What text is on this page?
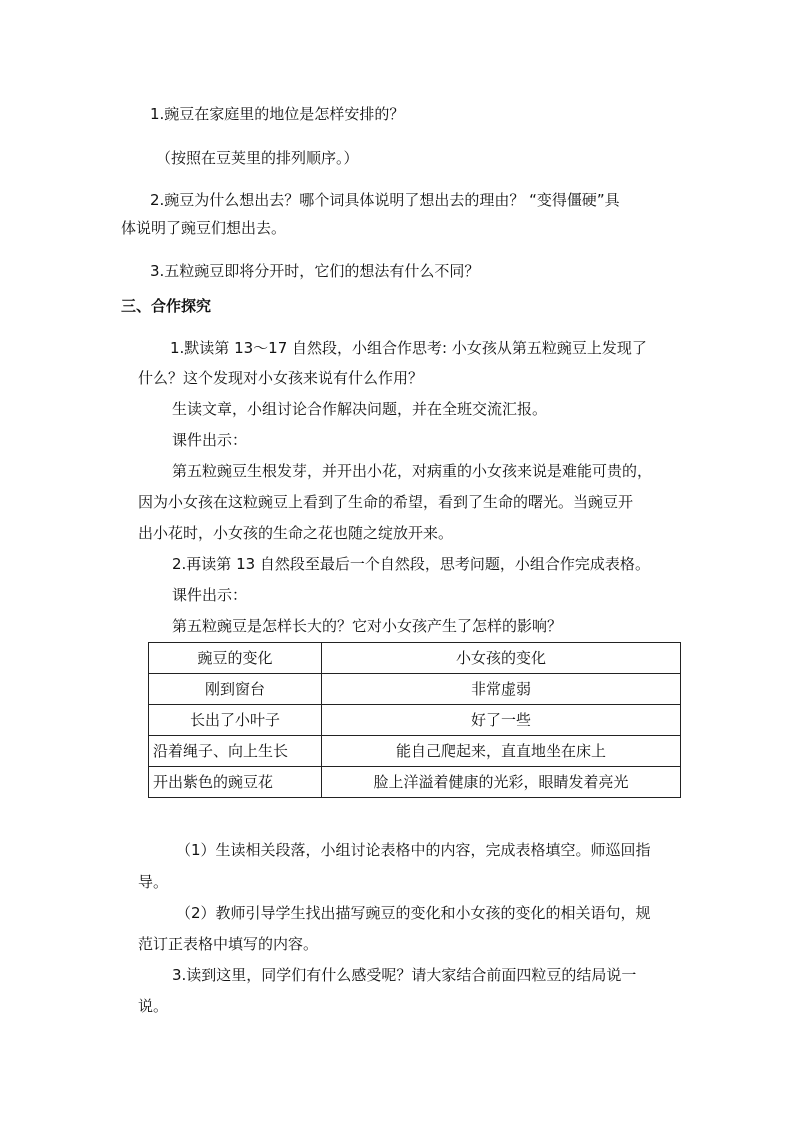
1.豌豆在家庭里的地位是怎样安排的？
（按照在豆荚里的排列顺序。）
2.豌豆为什么想出去？哪个词具体说明了想出去的理由？ “变得僵硬”具
体说明了豌豆们想出去。
3.五粒豌豆即将分开时，它们的想法有什么不同？
三、合作探究
1.默读第 13～17 自然段，小组合作思考: 小女孩从第五粒豌豆上发现了
什么？这个发现对小女孩来说有什么作用？
生读文章，小组讨论合作解决问题，并在全班交流汇报。
课件出示：
第五粒豌豆生根发芽，并开出小花，对病重的小女孩来说是难能可贵的，
因为小女孩在这粒豌豆上看到了生命的希望，看到了生命的曙光。当豌豆开
出小花时，小女孩的生命之花也随之绽放开来。
2.再读第 13 自然段至最后一个自然段，思考问题，小组合作完成表格。
课件出示：
第五粒豌豆是怎样长大的？它对小女孩产生了怎样的影响？
豌豆的变化	小女孩的变化
刚到窗台	非常虚弱
长出了小叶子	好了一些
沿着绳子、向上生长	能自己爬起来，直直地坐在床上
开出紫色的豌豆花	脸上洋溢着健康的光彩，眼睛发着亮光
（1）生读相关段落，小组讨论表格中的内容，完成表格填空。师巡回指
导。
（2）教师引导学生找出描写豌豆的变化和小女孩的变化的相关语句，规
范订正表格中填写的内容。
3.读到这里，同学们有什么感受呢？请大家结合前面四粒豆的结局说一
说。
